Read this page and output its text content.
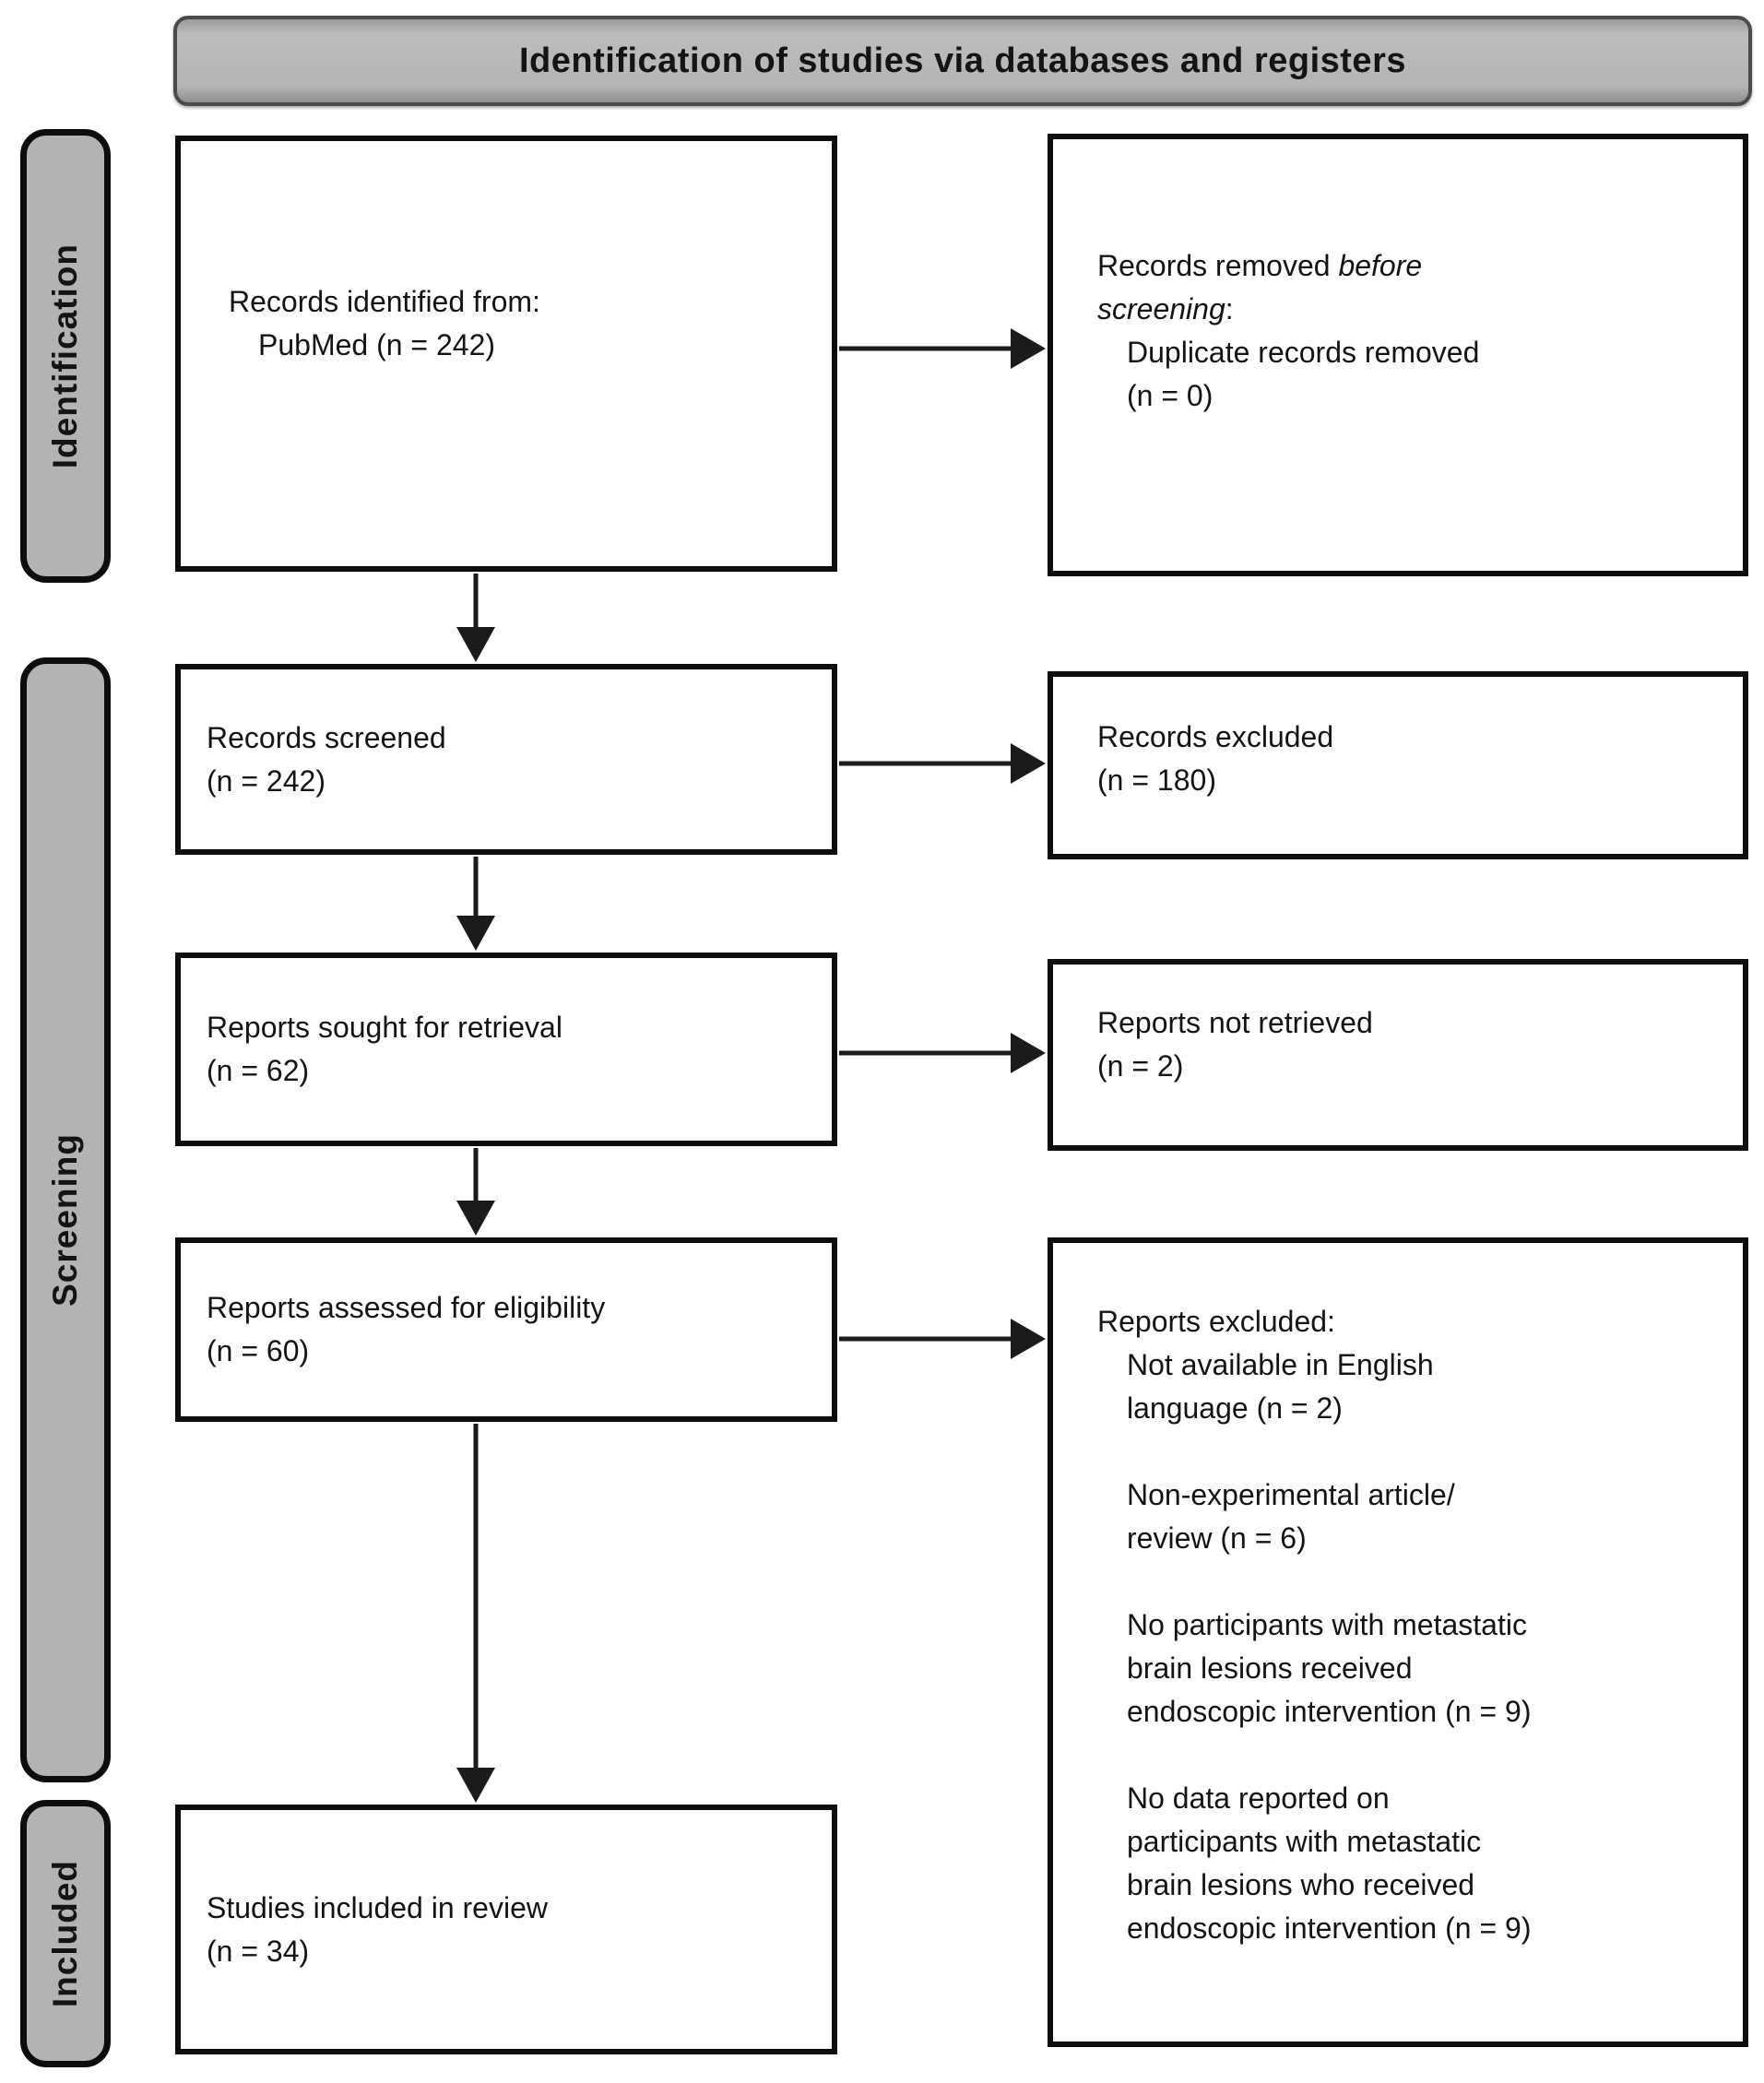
Identification of studies via databases and registers
Identification
Screening
Included
Records identified from:
PubMed (n = 242)
Records removed before
screening:
Duplicate records removed
(n = 0)
Records screened
(n = 242)
Records excluded
(n = 180)
Reports sought for retrieval
(n = 62)
Reports not retrieved
(n = 2)
Reports assessed for eligibility
(n = 60)
Reports excluded:
Not available in English
language (n = 2)
Non-experimental article/
review (n = 6)
No participants with metastatic
brain lesions received
endoscopic intervention (n = 9)
No data reported on
participants with metastatic
brain lesions who received
endoscopic intervention (n = 9)
Studies included in review
(n = 34)
